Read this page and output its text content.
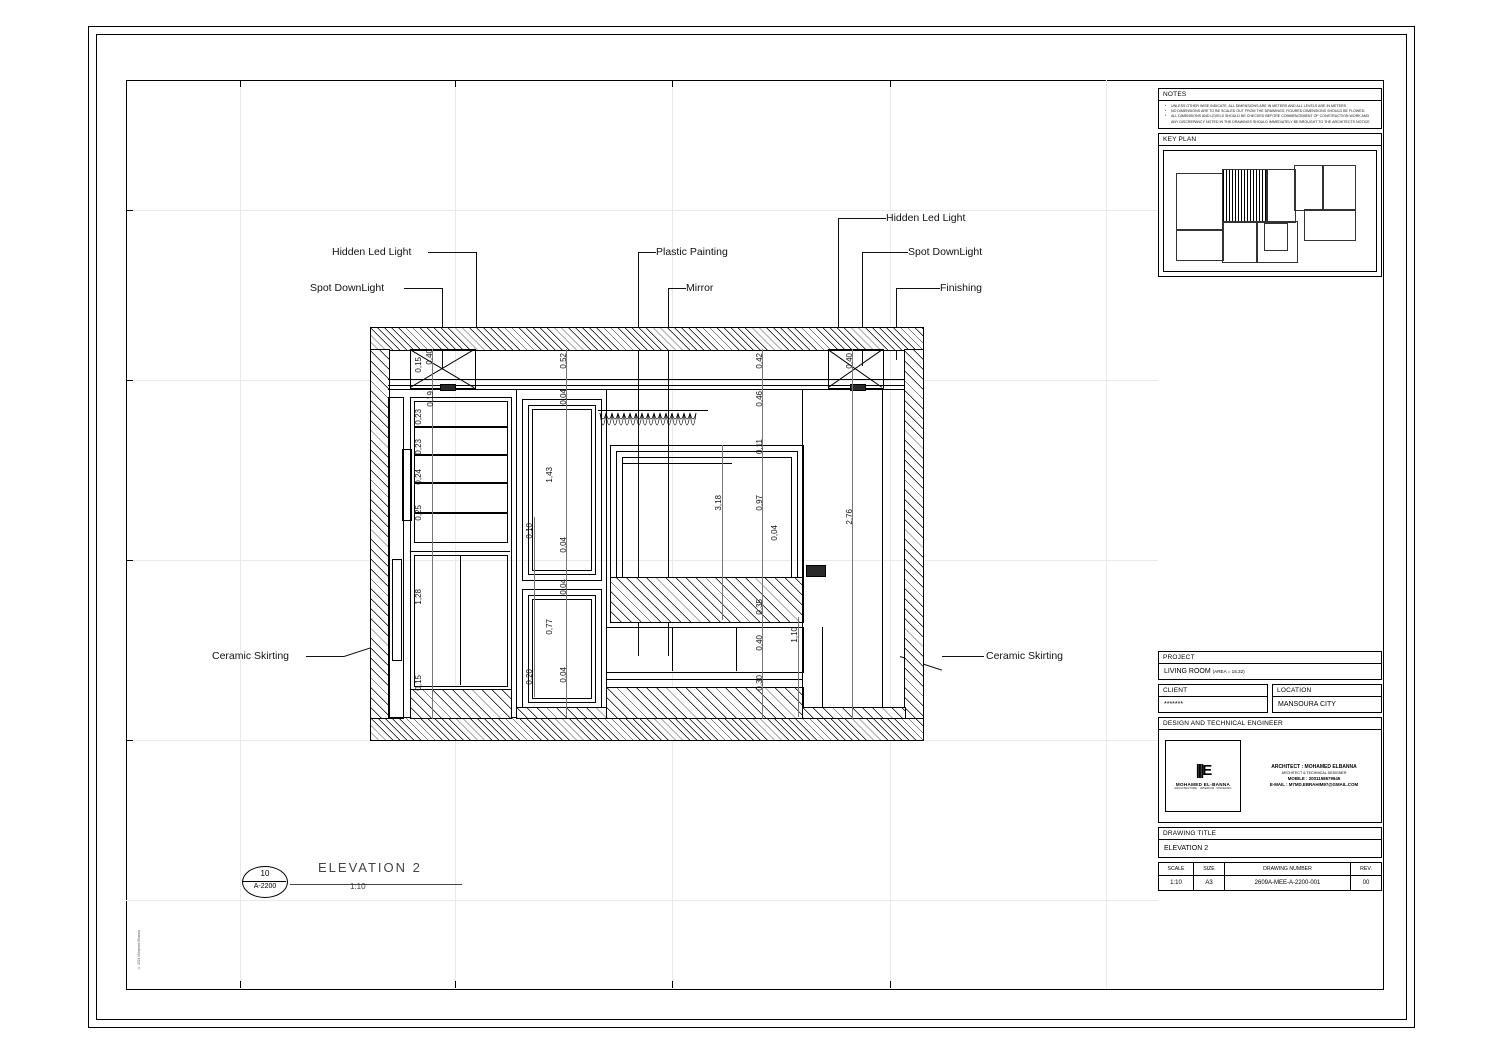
© 2024 Mohamed Elbanna
NOTES
*	UNLESS OTHER WISE INDICATE, ALL DIMENSIONS ARE IN METERS AND ALL LEVELS ARE IN METERS.
*	NO DIMENSIONS ARE TO BE SCALED OUT FROM THE DRAWINGS, FIGURED DIMENSIONS SHOULD BE FLOWED.
*	ALL DIMENSIONS AND LEVELS SHOULD BE CHECKED BEFORE COMMENCEMENT OF CONSTRUCTION WORK AND ANY DISCREPANCY NOTED IN THE DRAWINGS SHOULD IMMEDIATELY BE BROUGHT TO THE ARCHITECTS NOTICE
KEY PLAN
PROJECT
LIVING ROOM (AREA = 15.32)
CLIENT
*******
LOCATION
MANSOURA CITY
DESIGN AND TECHNICAL ENGINEER
|||E
MOHAMED EL-BANNA
ARCHITECTURE . INTERIOR . FINISHING
ARCHITECT : MOHAMED ELBANNA
ARCHITECT & TECHNICAL DESIGNER
MOBILE : 2001158679945
E-MAIL : M7MD.EBRAHIM97@GMAIL.COM
DRAWING TITLE
ELEVATION 2
SCALE
1:10
SIZE
A3
DRAWING NUMBER
2609A-MEE-A-2200-001
REV.
00
Hidden Led Light
Spot DownLight
Plastic Painting
Mirror
Hidden Led Light
Spot DownLight
Finishing
Ceramic Skirting	Ceramic Skirting
0,40
0,15	0,52	0,42	0,40
0,19
0,23
0,23
0,24
0,25
1,28
0,15
0,04
1,43
0,10
0,04
0,04
0,77
0,04
0,20
0,46
0,11
3,18	0,97
0,04
2,76
0,35
0,40
1,10
0,30
10
A-2200
ELEVATION 2
1:10
